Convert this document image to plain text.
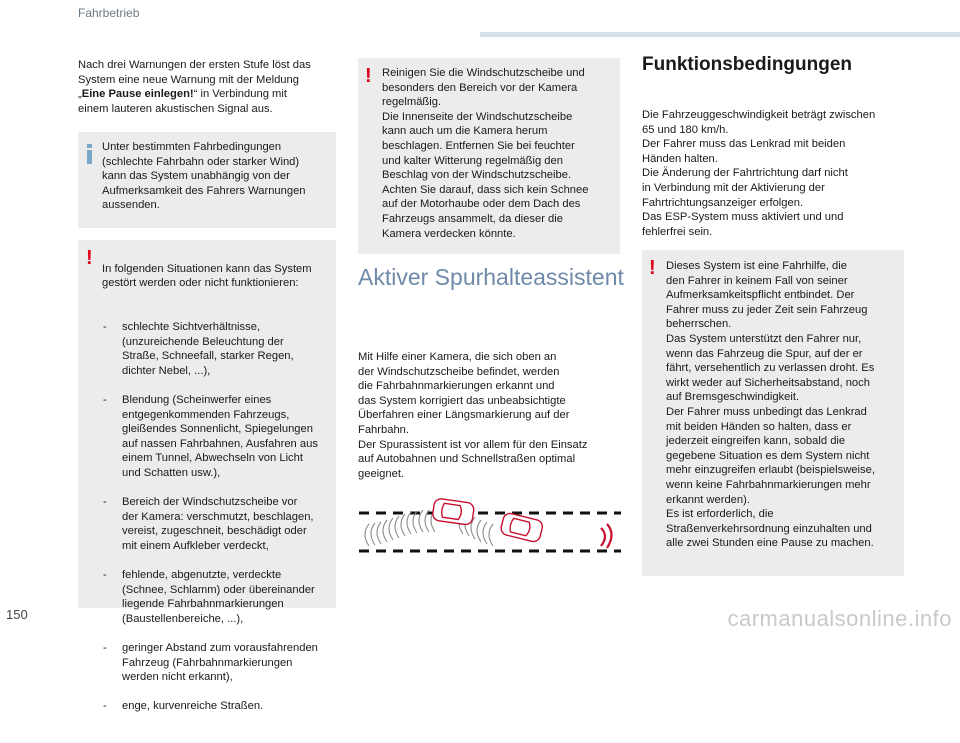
Fahrbetrieb

Nach drei Warnungen der ersten Stufe löst das
System eine neue Warnung mit der Meldung
„Eine Pause einlegen!“ in Verbindung mit
einem lauteren akustischen Signal aus.

Unter bestimmten Fahrbedingungen
(schlechte Fahrbahn oder starker Wind)
kann das System unabhängig von der
Aufmerksamkeit des Fahrers Warnungen
aussenden.
! In folgenden Situationen kann das System
gestört werden oder nicht funktionieren:

- schlechte Sichtverhältnisse,
(unzureichende Beleuchtung der
Straße, Schneefall, starker Regen,
dichter Nebel, ...),

- Blendung (Scheinwerfer eines
entgegenkommenden Fahrzeugs,
gleißendes Sonnenlicht, Spiegelungen
auf nassen Fahrbahnen, Ausfahren aus
einem Tunnel, Abwechseln von Licht
und Schatten usw.),

- Bereich der Windschutzscheibe vor
der Kamera: verschmutzt, beschlagen,
vereist, zugeschneit, beschädigt oder
mit einem Aufkleber verdeckt,

- fehlende, abgenutzte, verdeckte
(Schnee, Schlamm) oder übereinander
liegende Fahrbahnmarkierungen
(Baustellenbereiche, ...),

- geringer Abstand zum vorausfahrenden
Fahrzeug (Fahrbahnmarkierungen
werden nicht erkannt),

- enge, kurvenreiche Straßen.

! Reinigen Sie die Windschutzscheibe und
besonders den Bereich vor der Kamera
regelmäßig.
Die Innenseite der Windschutzscheibe
kann auch um die Kamera herum
beschlagen. Entfernen Sie bei feuchter
und kalter Witterung regelmäßig den
Beschlag von der Windschutzscheibe.
Achten Sie darauf, dass sich kein Schnee
auf der Motorhaube oder dem Dach des
Fahrzeugs ansammelt, da dieser die
Kamera verdecken könnte.
Aktiver Spurhalteassistent

Mit Hilfe einer Kamera, die sich oben an
der Windschutzscheibe befindet, werden
die Fahrbahnmarkierungen erkannt und
das System korrigiert das unbeabsichtigte
Überfahren einer Längsmarkierung auf der
Fahrbahn.
Der Spurassistent ist vor allem für den Einsatz
auf Autobahnen und Schnellstraßen optimal
geeignet.

Funktionsbedingungen

Die Fahrzeuggeschwindigkeit beträgt zwischen
65 und 180 km/h.
Der Fahrer muss das Lenkrad mit beiden
Händen halten.
Die Änderung der Fahrtrichtung darf nicht
in Verbindung mit der Aktivierung der
Fahrtrichtungsanzeiger erfolgen.
Das ESP-System muss aktiviert und und
fehlerfrei sein.

! Dieses System ist eine Fahrhilfe, die
den Fahrer in keinem Fall von seiner
Aufmerksamkeitspflicht entbindet. Der
Fahrer muss zu jeder Zeit sein Fahrzeug
beherrschen.
Das System unterstützt den Fahrer nur,
wenn das Fahrzeug die Spur, auf der er
fährt, versehentlich zu verlassen droht. Es
wirkt weder auf Sicherheitsabstand, noch
auf Bremsgeschwindigkeit.
Der Fahrer muss unbedingt das Lenkrad
mit beiden Händen so halten, dass er
jederzeit eingreifen kann, sobald die
gegebene Situation es dem System nicht
mehr einzugreifen erlaubt (beispielsweise,
wenn keine Fahrbahnmarkierungen mehr
erkannt werden).
Es ist erforderlich, die
Straßenverkehrsordnung einzuhalten und
alle zwei Stunden eine Pause zu machen.
150	carmanualsonline.info
